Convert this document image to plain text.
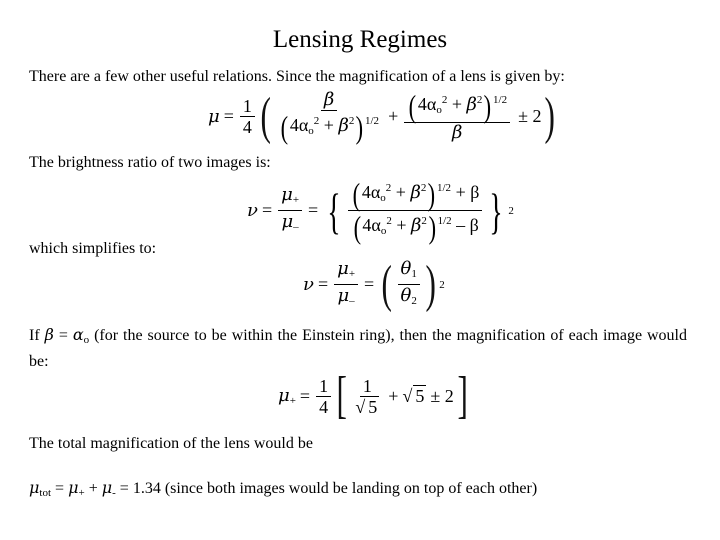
Lensing Regimes
There are a few other useful relations. Since the magnification of a lens is given by:
$\mu = \frac{1}{4}$ ( $\frac{\beta}{(4\alpha_o^2 + \beta^2) ^{1/2}} + \frac{(4\alpha_o^2 + \beta^2) ^{1/2}}{\beta} \pm 2$ )
The brightness ratio of two images is:
$\nu = \frac{\mu_+}{\mu_-}$ = { $\frac{(4\alpha_o^2 + \beta^2) ^{1/2} + \beta}{(4\alpha_o^2 + \beta^2) ^{1/2} - \beta}$ } 2
which simplifies to:
$\nu = \frac{\mu_+}{\mu_-}$ = ( $\frac{\theta_1}{\theta_2}$ ) 2
If $\beta = \alpha_o$ (for the source to be within the Einstein ring), then the magnification of each image would be:
$\mu_+ = \frac{1}{4}$ [ $\frac{1}{√ 5}$ + √ 5 ± 2 ]
The total magnification of the lens would be
$\mu_{tot} = \mu_+ + \mu_- = 1.34$ (since both images would be landing on top of each other)
